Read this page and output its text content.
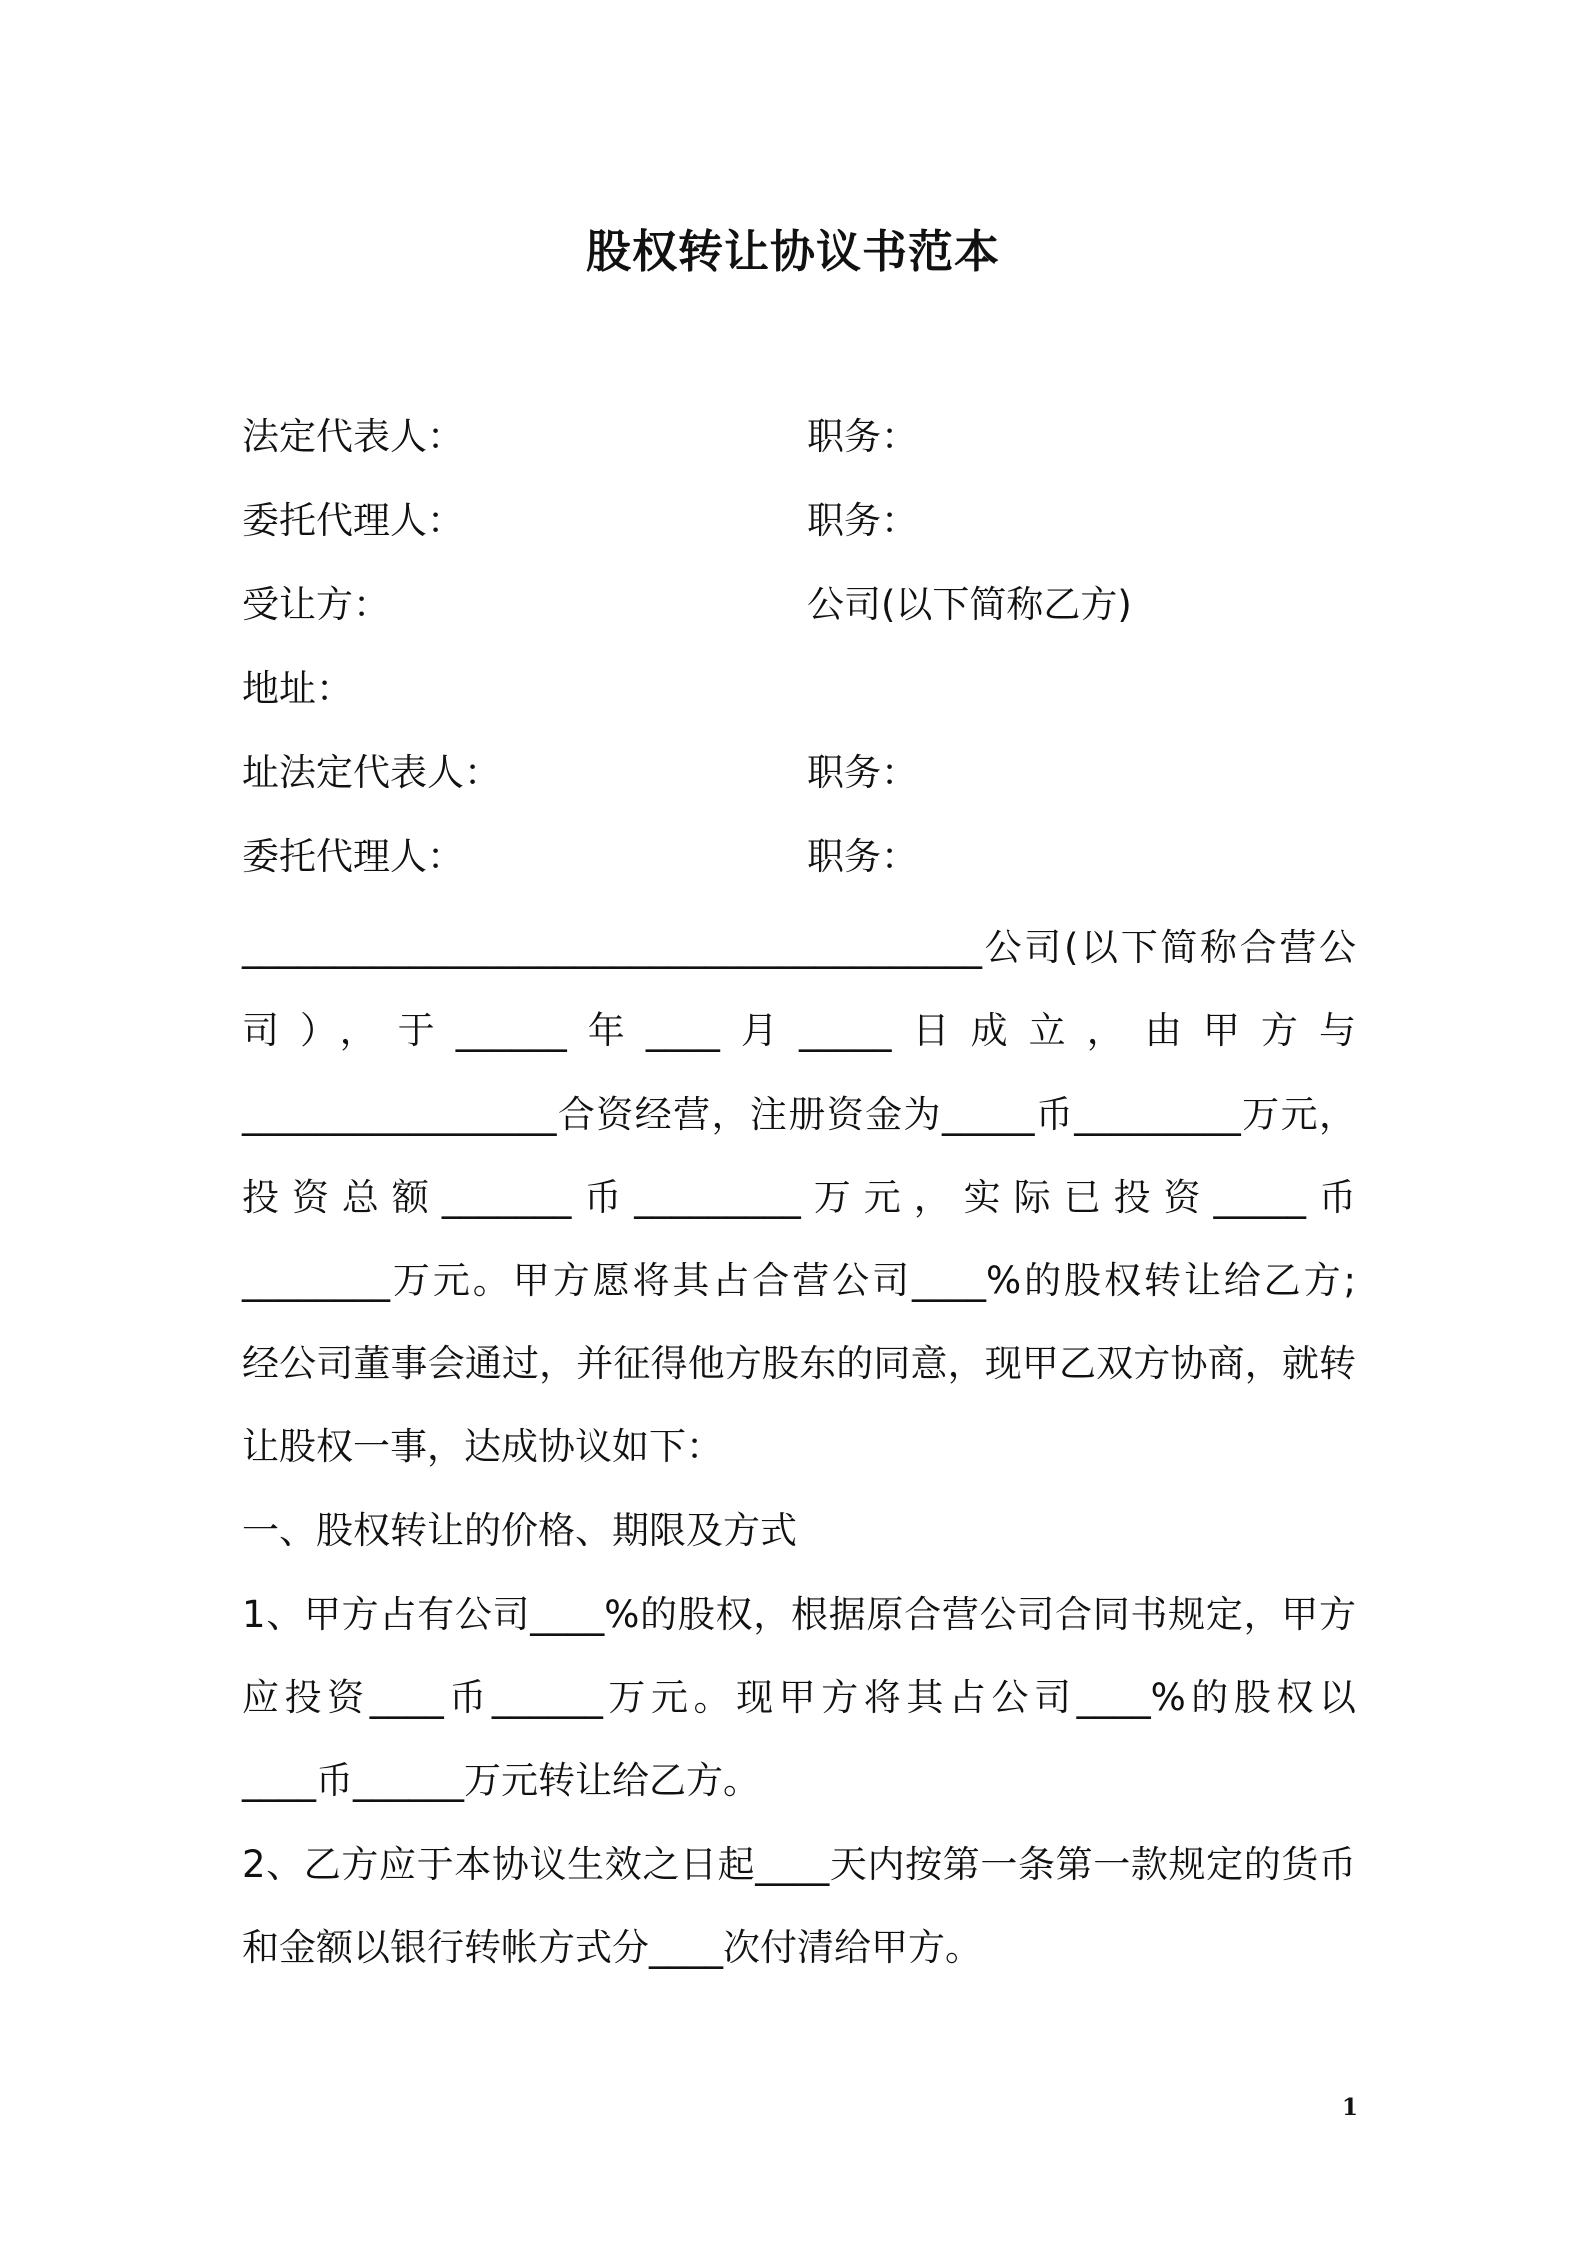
股权转让协议书范本
法定代表人：	职务：
委托代理人：	职务：
受让方：	公司(以下简称乙方)
地址：
址法定代表人：	职务：
委托代理人：	职务：
________________________________________公司(以下简称合营公
司），于______年____月_____日成立，由甲方与
_________________合资经营，注册资金为_____币_________万元，
投资总额_______币_________万元，实际已投资_____币
________万元。甲方愿将其占合营公司____%的股权转让给乙方;
经公司董事会通过，并征得他方股东的同意，现甲乙双方协商，就转
让股权一事，达成协议如下：
一、股权转让的价格、期限及方式
1、甲方占有公司____%的股权，根据原合营公司合同书规定，甲方
应投资____币______万元。现甲方将其占公司____%的股权以
____币______万元转让给乙方。
2、乙方应于本协议生效之日起____天内按第一条第一款规定的货币
和金额以银行转帐方式分____次付清给甲方。
1
